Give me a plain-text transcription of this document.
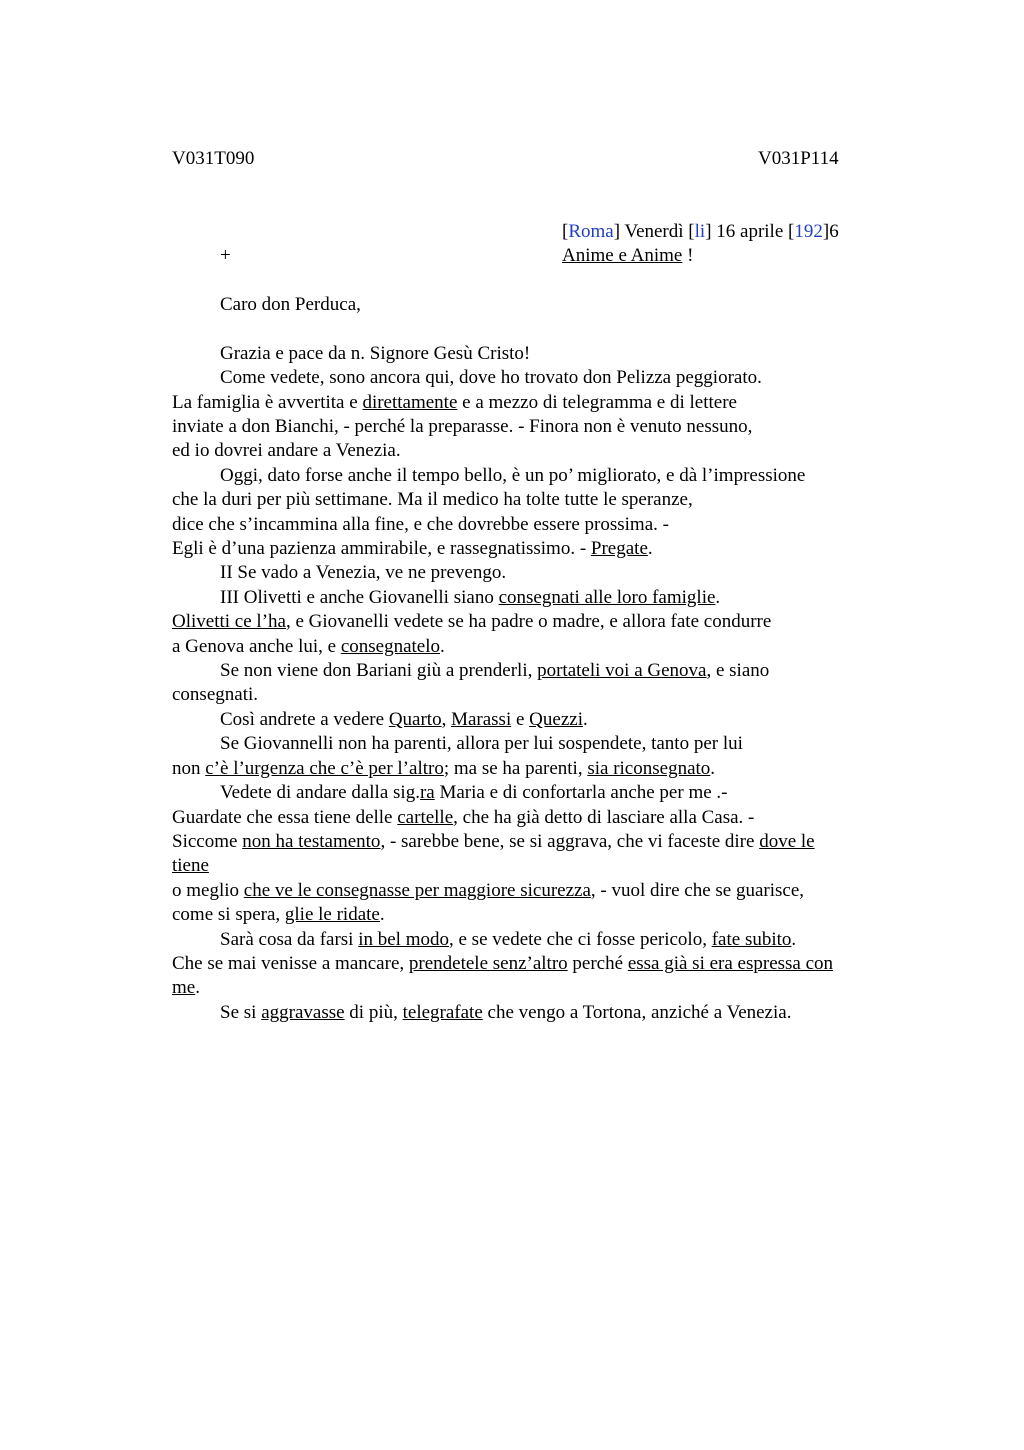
V031T090	V031P114
[Roma] Venerdì [li] 16 aprile [192]6
Anime e Anime !
+
Caro don Perduca,
Grazia e pace da n. Signore Gesù Cristo!
Come vedete, sono ancora qui, dove ho trovato don Pelizza peggiorato.
La famiglia è avvertita e direttamente e a mezzo di telegramma e di lettere
inviate a don Bianchi, - perché la preparasse. - Finora non è venuto nessuno,
ed io dovrei andare a Venezia.
Oggi, dato forse anche il tempo bello, è un po’ migliorato, e dà l’impressione
che la duri per più settimane. Ma il medico ha tolte tutte le speranze,
dice che s’incammina alla fine, e che dovrebbe essere prossima. -
Egli è d’una pazienza ammirabile, e rassegnatissimo. - Pregate.
II Se vado a Venezia, ve ne prevengo.
III Olivetti e anche Giovanelli siano consegnati alle loro famiglie.
Olivetti ce l’ha, e Giovanelli vedete se ha padre o madre, e allora fate condurre
a Genova anche lui, e consegnatelo.
Se non viene don Bariani giù a prenderli, portateli voi a Genova, e siano
consegnati.
Così andrete a vedere Quarto, Marassi e Quezzi.
Se Giovannelli non ha parenti, allora per lui sospendete, tanto per lui
non c’è l’urgenza che c’è per l’altro; ma se ha parenti, sia riconsegnato.
Vedete di andare dalla sig.ra Maria e di confortarla anche per me .-
Guardate che essa tiene delle cartelle, che ha già detto di lasciare alla Casa. -
Siccome non ha testamento, - sarebbe bene, se si aggrava, che vi faceste dire dove le
tiene
o meglio che ve le consegnasse per maggiore sicurezza, - vuol dire che se guarisce,
come si spera, glie le ridate.
Sarà cosa da farsi in bel modo, e se vedete che ci fosse pericolo, fate subito.
Che se mai venisse a mancare, prendetele senz’altro perché essa già si era espressa con
me.
Se si aggravasse di più, telegrafate che vengo a Tortona, anziché a Venezia.
